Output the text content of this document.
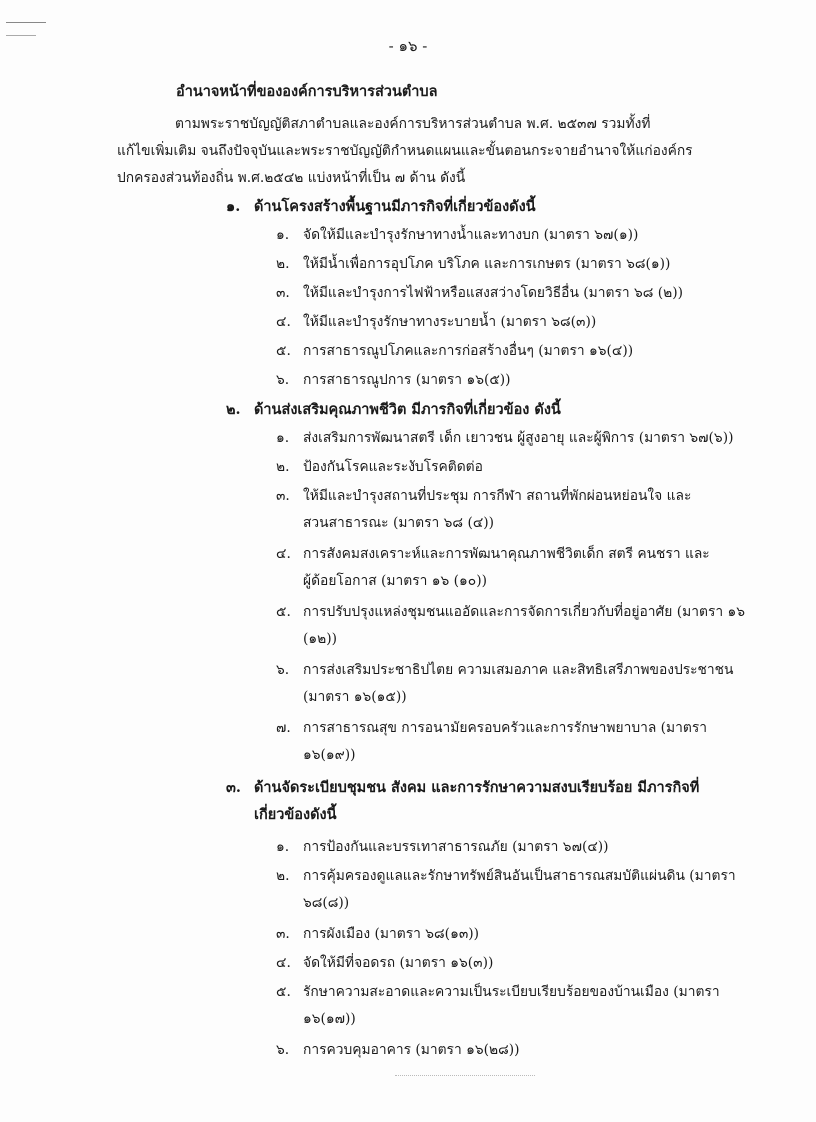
- ๑๖ -
อำนาจหน้าที่ขององค์การบริหารส่วนตำบล
ตามพระราชบัญญัติสภาตำบลและองค์การบริหารส่วนตำบล พ.ศ. ๒๕๓๗ รวมทั้งที่
แก้ไขเพิ่มเติม จนถึงปัจจุบันและพระราชบัญญัติกำหนดแผนและขั้นตอนกระจายอำนาจให้แก่องค์กร
ปกครองส่วนท้องถิ่น พ.ศ.๒๕๔๒ แบ่งหน้าที่เป็น ๗ ด้าน ดังนี้
๑. ด้านโครงสร้างพื้นฐานมีภารกิจที่เกี่ยวข้องดังนี้
๑. จัดให้มีและบำรุงรักษาทางน้ำและทางบก (มาตรา ๖๗(๑))
๒. ให้มีน้ำเพื่อการอุปโภค บริโภค และการเกษตร (มาตรา ๖๘(๑))
๓. ให้มีและบำรุงการไฟฟ้าหรือแสงสว่างโดยวิธีอื่น (มาตรา ๖๘ (๒))
๔. ให้มีและบำรุงรักษาทางระบายน้ำ (มาตรา ๖๘(๓))
๕. การสาธารณูปโภคและการก่อสร้างอื่นๆ (มาตรา ๑๖(๔))
๖. การสาธารณูปการ (มาตรา ๑๖(๕))
๒. ด้านส่งเสริมคุณภาพชีวิต มีภารกิจที่เกี่ยวข้อง ดังนี้
๑. ส่งเสริมการพัฒนาสตรี เด็ก เยาวชน ผู้สูงอายุ และผู้พิการ (มาตรา ๖๗(๖))
๒. ป้องกันโรคและระงับโรคติดต่อ
๓. ให้มีและบำรุงสถานที่ประชุม การกีฬา สถานที่พักผ่อนหย่อนใจ และ
สวนสาธารณะ (มาตรา ๖๘ (๔))
๔. การสังคมสงเคราะห์และการพัฒนาคุณภาพชีวิตเด็ก สตรี คนชรา และ
ผู้ด้อยโอกาส (มาตรา ๑๖ (๑๐))
๕. การปรับปรุงแหล่งชุมชนแออัดและการจัดการเกี่ยวกับที่อยู่อาศัย (มาตรา ๑๖
(๑๒))
๖. การส่งเสริมประชาธิปไตย ความเสมอภาค และสิทธิเสรีภาพของประชาชน
(มาตรา ๑๖(๑๕))
๗. การสาธารณสุข การอนามัยครอบครัวและการรักษาพยาบาล (มาตรา
๑๖(๑๙))
๓. ด้านจัดระเบียบชุมชน สังคม และการรักษาความสงบเรียบร้อย มีภารกิจที่
เกี่ยวข้องดังนี้
๑. การป้องกันและบรรเทาสาธารณภัย (มาตรา ๖๗(๔))
๒. การคุ้มครองดูแลและรักษาทรัพย์สินอันเป็นสาธารณสมบัติแผ่นดิน (มาตรา
๖๘(๘))
๓. การผังเมือง (มาตรา ๖๘(๑๓))
๔. จัดให้มีที่จอดรถ (มาตรา ๑๖(๓))
๕. รักษาความสะอาดและความเป็นระเบียบเรียบร้อยของบ้านเมือง (มาตรา
๑๖(๑๗))
๖. การควบคุมอาคาร (มาตรา ๑๖(๒๘))
